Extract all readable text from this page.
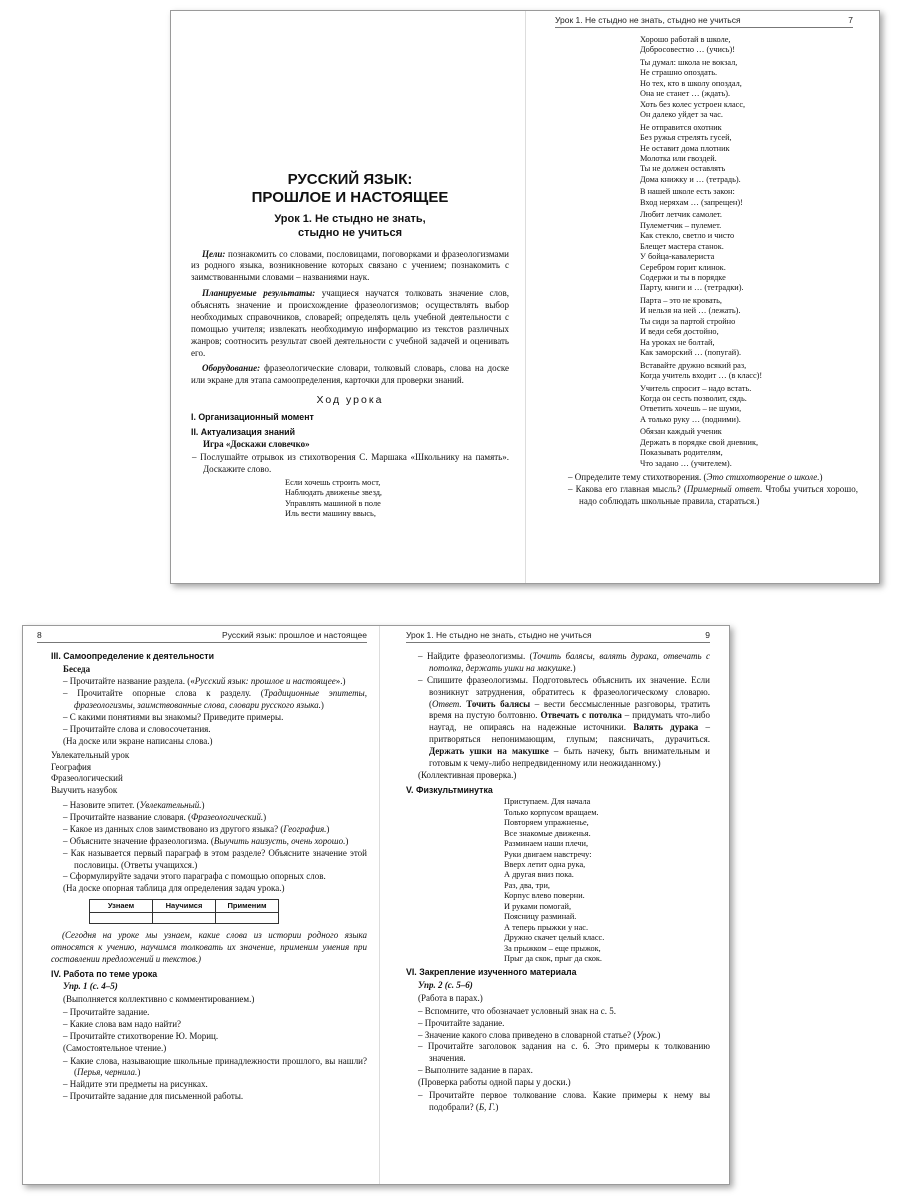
РУССКИЙ ЯЗЫК:

ПРОШЛОЕ И НАСТОЯЩЕЕ

Урок 1. Не стыдно не знать,
стыдно не учиться

Цели: познакомить со словами, пословицами, поговорками и фразеологизмами из родного языка, возникновение которых связано с учением; познакомить с заимствованными словами – названиями наук.

Планируемые результаты: учащиеся научатся толковать значение слов, объяснять значение и происхождение фразеологизмов; осуществлять выбор необходимых справочников, словарей; определять цель учебной деятельности с помощью учителя; извлекать необходимую информацию из текстов различных жанров; соотносить результат своей деятельности с учебной задачей и оценивать его.

Оборудование: фразеологические словари, толковый словарь, слова на доске или экране для этапа самоопределения, карточки для проверки знаний.

Ход урока

I. Организационный момент

II. Актуализация знаний

Игра «Доскажи словечко»

– Послушайте отрывок из стихотворения С. Маршака «Школьнику на память». Доскажите слово.

Если хочешь строить мост,
Наблюдать движенье звезд,
Управлять машиной в поле
Иль вести машину ввысь,
Урок 1. Не стыдно не знать, стыдно не учиться	7
Хорошо работай в школе,
Добросовестно … (учись)!
Ты думал: школа не вокзал,
Не страшно опоздать.
Но тех, кто в школу опоздал,
Она не станет … (ждать).
Хоть без колес устроен класс,
Он далеко уйдет за час.
Не отправится охотник
Без ружья стрелять гусей,
Не оставит дома плотник
Молотка или гвоздей.
Ты не должен оставлять
Дома книжку и … (тетрадь).
В нашей школе есть закон:
Вход неряхам … (запрещен)!
Любит летчик самолет.
Пулеметчик – пулемет.
Как стекло, светло и чисто
Блещет мастера станок.
У бойца-кавалериста
Серебром горит клинок.
Содержи и ты в порядке
Парту, книги и … (тетрадки).
Парта – это не кровать,
И нельзя на ней … (лежать).
Ты сиди за партой стройно
И веди себя достойно,
На уроках не болтай,
Как заморский … (попугай).
Вставайте дружно всякий раз,
Когда учитель входит … (в класс)!
Учитель спросит – надо встать.
Когда он сесть позволит, сядь.
Ответить хочешь – не шуми,
А только руку … (подними).
Обязан каждый ученик
Держать в порядке свой дневник,
Показывать родителям,
Что задано … (учителем).

– Определите тему стихотворения. (Это стихотворение о школе.)

– Какова его главная мысль? (Примерный ответ. Чтобы учиться хорошо, надо соблюдать школьные правила, стараться.)

8	Русский язык: прошлое и настоящее

III. Самоопределение к деятельности

Беседа

– Прочитайте название раздела. («Русский язык: прошлое и настоящее».)

– Прочитайте опорные слова к разделу. (Традиционные эпитеты, фразеологизмы, заимствованные слова, словари русского языка.)

– С какими понятиями вы знакомы? Приведите примеры.

– Прочитайте слова и словосочетания.

(На доске или экране написаны слова.)

Увлекательный урок
География
Фразеологический
Выучить назубок

– Назовите эпитет. (Увлекательный.)

– Прочитайте название словаря. (Фразеологический.)

– Какое из данных слов заимствовано из другого языка? (География.)

– Объясните значение фразеологизма. (Выучить наизусть, очень хорошо.)

– Как называется первый параграф в этом разделе? Объясните значение этой пословицы. (Ответы учащихся.)

– Сформулируйте задачи этого параграфа с помощью опорных слов.

(На доске опорная таблица для определения задач урока.)

Узнаем	Научимся	Применим

(Сегодня на уроке мы узнаем, какие слова из истории родного языка относятся к учению, научимся толковать их значение, применим умения при составлении предложений и текстов.)

IV. Работа по теме урока

Упр. 1 (с. 4–5)

(Выполняется коллективно с комментированием.)

– Прочитайте задание.

– Какие слова вам надо найти?

– Прочитайте стихотворение Ю. Мориц.

(Самостоятельное чтение.)

– Какие слова, называющие школьные принадлежности прошлого, вы нашли? (Перья, чернила.)

– Найдите эти предметы на рисунках.

– Прочитайте задание для письменной работы.

Урок 1. Не стыдно не знать, стыдно не учиться	9

– Найдите фразеологизмы. (Точить балясы, валять дурака, отвечать с потолка, держать ушки на макушке.)

– Спишите фразеологизмы. Подготовьтесь объяснить их значение. Если возникнут затруднения, обратитесь к фразеологическому словарю. (Ответ. Точить балясы – вести бессмысленные разговоры, тратить время на пустую болтовню. Отвечать с потолка – придумать что-либо наугад, не опираясь на надежные источники. Валять дурака – притворяться непонимающим, глупым; паясничать, дурачиться. Держать ушки на макушке – быть начеку, быть внимательным и готовым к чему-либо непредвиденному или неожиданному.)

(Коллективная проверка.)

V. Физкультминутка

Приступаем. Для начала
Только корпусом вращаем.
Повторяем упражненье,
Все знакомые движенья.
Разминаем наши плечи,
Руки двигаем навстречу:
Вверх летит одна рука,
А другая вниз пока.
Раз, два, три,
Корпус влево поверни.
И руками помогай,
Поясницу разминай.
А теперь прыжки у нас.
Дружно скачет целый класс.
За прыжком – еще прыжок,
Прыг да скок, прыг да скок.

VI. Закрепление изученного материала

Упр. 2 (с. 5–6)

(Работа в парах.)

– Вспомните, что обозначает условный знак на с. 5.

– Прочитайте задание.

– Значение какого слова приведено в словарной статье? (Урок.)

– Прочитайте заголовок задания на с. 6. Это примеры к толкованию значения.

– Выполните задание в парах.

(Проверка работы одной пары у доски.)

– Прочитайте первое толкование слова. Какие примеры к нему вы подобрали? (Б, Г.)
